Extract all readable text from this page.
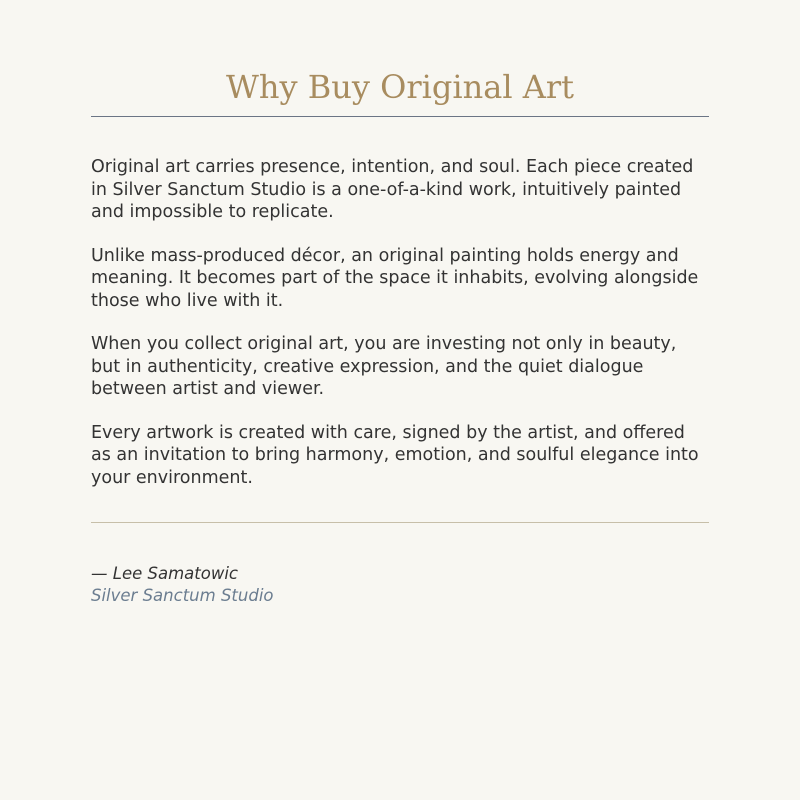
Why Buy Original Art

Original art carries presence, intention, and soul. Each piece created in Silver Sanctum Studio is a one-of-a-kind work, intuitively painted and impossible to replicate.

Unlike mass-produced décor, an original painting holds energy and meaning. It becomes part of the space it inhabits, evolving alongside those who live with it.

When you collect original art, you are investing not only in beauty, but in authenticity, creative expression, and the quiet dialogue between artist and viewer.

Every artwork is created with care, signed by the artist, and offered as an invitation to bring harmony, emotion, and soulful elegance into your environment.

— Lee Samatowic
Silver Sanctum Studio
